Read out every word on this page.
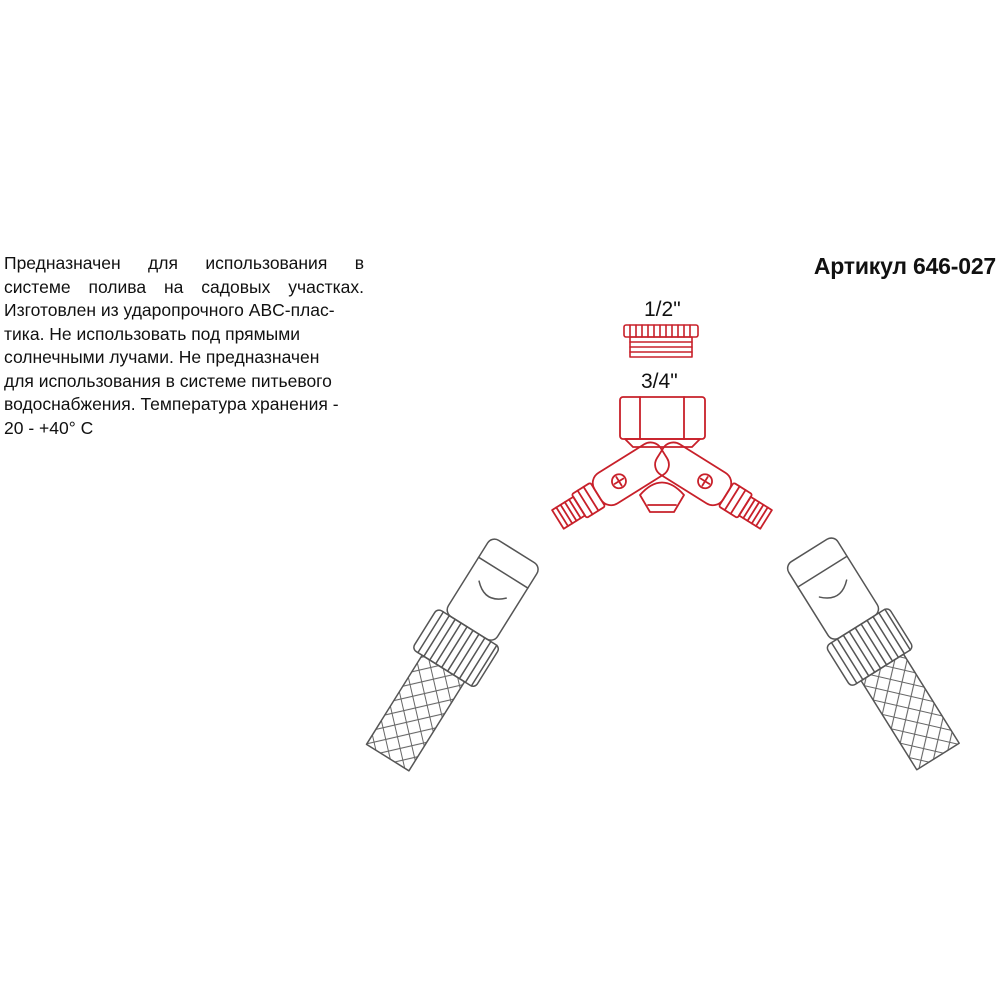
Предназначен для использования в
системе полива на садовых участках.
Изготовлен из ударопрочного ABC-плас-
тика. Не использовать под прямыми
солнечными лучами. Не предназначен
для использования в системе питьевого
водоснабжения. Температура хранения -
20 - +40° С
Артикул 646-027
1/2"
3/4"
